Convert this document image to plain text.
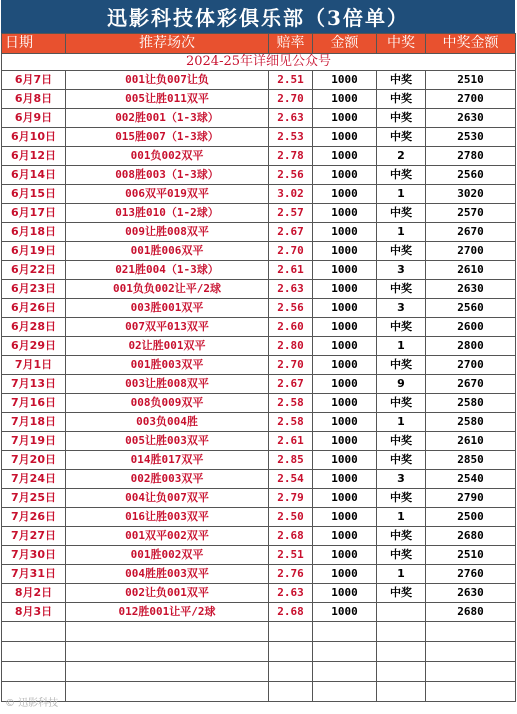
迅影科技体彩俱乐部（3倍单）
日期	推荐场次	赔率	金额	中奖	中奖金额
2024-25年详细见公众号					
6月7日	001让负007让负	2.51	1000	中奖	2510
6月8日	005让胜011双平	2.70	1000	中奖	2700
6月9日	002胜001（1-3球）	2.63	1000	中奖	2630
6月10日	015胜007（1-3球）	2.53	1000	中奖	2530
6月12日	001负002双平	2.78	1000	2	2780
6月14日	008胜003（1-3球）	2.56	1000	中奖	2560
6月15日	006双平019双平	3.02	1000	1	3020
6月17日	013胜010（1-2球）	2.57	1000	中奖	2570
6月18日	009让胜008双平	2.67	1000	1	2670
6月19日	001胜006双平	2.70	1000	中奖	2700
6月22日	021胜004（1-3球）	2.61	1000	3	2610
6月23日	001负负002让平/2球	2.63	1000	中奖	2630
6月26日	003胜001双平	2.56	1000	3	2560
6月28日	007双平013双平	2.60	1000	中奖	2600
6月29日	02让胜001双平	2.80	1000	1	2800
7月1日	001胜003双平	2.70	1000	中奖	2700
7月13日	003让胜008双平	2.67	1000	9	2670
7月16日	008负009双平	2.58	1000	中奖	2580
7月18日	003负004胜	2.58	1000	1	2580
7月19日	005让胜003双平	2.61	1000	中奖	2610
7月20日	014胜017双平	2.85	1000	中奖	2850
7月24日	002胜003双平	2.54	1000	3	2540
7月25日	004让负007双平	2.79	1000	中奖	2790
7月26日	016让胜003双平	2.50	1000	1	2500
7月27日	001双平002双平	2.68	1000	中奖	2680
7月30日	001胜002双平	2.51	1000	中奖	2510
7月31日	004胜胜003双平	2.76	1000	1	2760
8月2日	002让负001双平	2.63	1000	中奖	2630
8月3日	012胜001让平/2球	2.68	1000		2680

© 迅影科技
